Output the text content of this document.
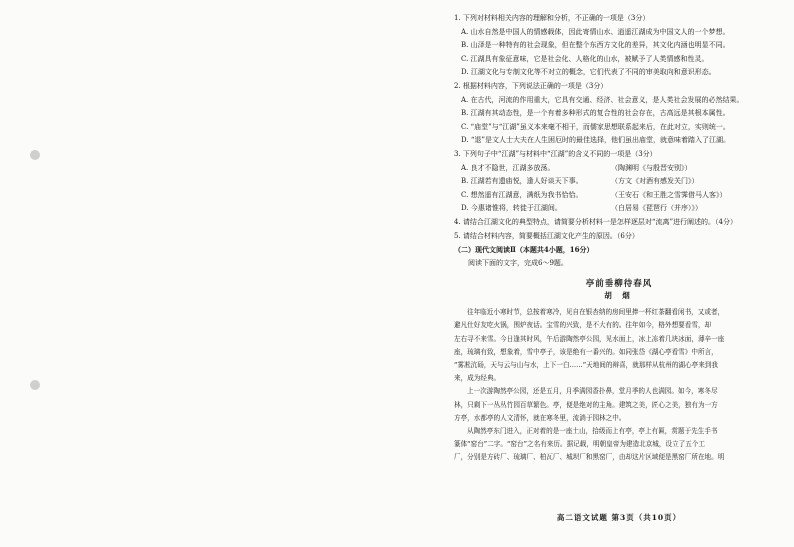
1. 下列对材料相关内容的理解和分析，不正确的一项是（3分）
A. 山水自然是中国人的情感载体，因此寄情山水、逍遥江湖成为中国文人的一个梦想。
B. 山泽是一种特有的社会现象，但在整个东西方文化的差异，其文化内涵也明显不同。
C. 江湖具有象征意味，它是社会化、人格化的山水，被赋予了人类情感和性灵。
D. 江湖文化与专制文化等不对立的概念，它们代表了不同的审美取向和意识形态。
2. 根据材料内容，下列说法正确的一项是（3分）
A. 在古代，河流的作用重大，它具有交通、经济、社会意义，是人类社会发展的必然结果。
B. 江湖有其动态性，是一个有着多种形式的复合性的社会存在，古高远是其根本属性。
C. “庙堂”与“江湖”虽义本来毫不相干，而儒家思想联系起来后，在此对立，实则统一。
D. “退”是文人士大夫在人生困厄时的最佳选择，他们虽出庙堂，就意味着踏入了江湖。
3. 下列句子中“江湖”与材料中“江湖”的含义不同的一项是（3分）
A. 良才不隐世，江湖多放荡。	（陶渊明《与殷晋安别》）
B. 江湖若有遗庙悦，逢人好谈天下事。	（方文《对酒有感发关门》）
C. 想然遥有江湖意，满纸为我书恰恰。	（王安石《和王胜之雪霁借马人客》）
D. 今惠诸惟将，转徙于江湖间。	（白居易《琵琶行（并序）》）
4. 请结合江湖文化的典型特点，请简要分析材料一是怎样逐层对“流离”进行阐述的。（4分）
5. 请结合材料内容，简要概括江湖文化产生的原因。（6分）
（二）现代文阅读Ⅱ（本题共4小题，16分）
阅读下面的文字，完成6～9题。
亭前垂柳待春风
胡 烟
往年临近小寒时节，总按着寒冷，见自在银杏纳的房间里捧一杯红茶翻看闲书，又或者，
避凡仕好友吃火锅，围炉夜话。宝雪的兴致，是不大有的。往年如今，格外想要看雪，却
左右寻不来雪。今日逢其时风，午后游陶然亭公园，见水面上，冰上冻着几块冰面，薄辛一座
座，琉璃有致，想象着，雪中亭子，该是绝有一番兴的。如同张岱《湖心亭看雪》中所言，
“雾凇沆砀，天与云与山与水，上下一白……”天地间的辩喜，就那样从杭州的湖心亭来到我
来，成为经典。
上一次游陶然亭公园，还是五月，月季满园香扑鼻，堂月季的人也满园。如今，寒冬尽
林，只剩下一丛丛竹园百草繁色。亭，便是绝对的主角。建筑之美，匠心之美，独有为一方
方亭，水都亭的人文清怀，就在寒冬里，流淌于园林之中。
从陶然亭东门进入，正对着的是一座土山，拾级而上有亭，亭上有匾，赏题于先生手书
篆体“窑台”二字。“窑台”之名有来历。据记载，明朝皇帝为建造北京城，设立了五个工
厂，分别是方砖厂、琉璃厂、柏瓦厂、城坝厂和黑窑厂，由却这片区域便是黑窑厂所在地。明
高二语文试题 第3页（共10页）
